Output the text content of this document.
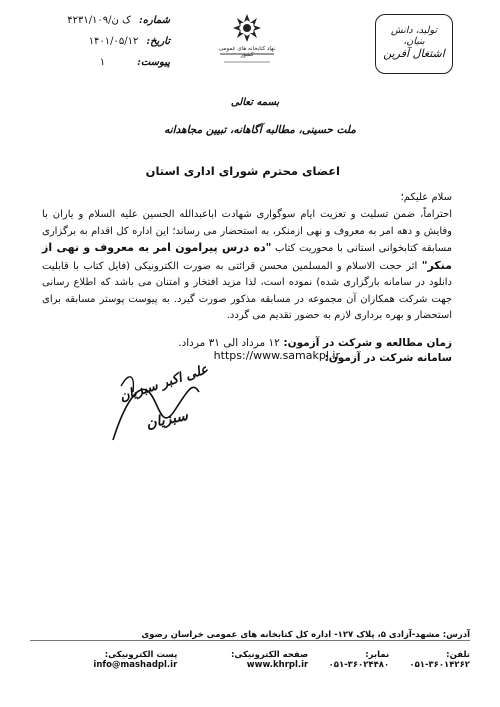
تولید، دانش بنیان،
اشتغال آفرین
نهاد کتابخانه های عمومی کشور
شماره:
۴۲۳۱/۱۰۹/ک ن
تاریخ:
۱۴۰۱/۰۵/۱۲
پیوست:
۱
بسمه تعالی
ملت حسینی، مطالبه آگاهانه، تبیین مجاهدانه
اعضای محترم شورای اداری استان
سلام علیکم؛
احتراماً، ضمن تسلیت و تعزیت ایام سوگواری شهادت اباعبدالله الحسین علیه السلام و یاران با وفایش و دهه امر به معروف و نهی ازمنکر، به استحضار می رساند؛ این اداره کل اقدام به برگزاری مسابقه کتابخوانی استانی با محوریت کتاب "ده درس پیرامون امر به معروف و نهی از منکر" اثر حجت الاسلام و المسلمین محسن قرائتی به صورت الکترونیکی (فایل کتاب با قابلیت دانلود در سامانه بارگزاری شده) نموده است، لذا مزید افتخار و امتنان می باشد که اطلاع رسانی جهت شرکت همکاران آن مجموعه در مسابقه مذکور صورت گیرد. به پیوست پوستر مسابقه برای استحضار و بهره برداری لازم به حضور تقدیم می گردد.
زمان مطالعه و شرکت در آزمون: ۱۲ مرداد الی ۳۱ مرداد.
سامانه شرکت در آزمون:
https://www.samakpl.ir
علی اکبر سبزیان
سبزیان
آدرس: مشهد-آزادی ۵، پلاک ۱۲۷- اداره کل کتابخانه های عمومی خراسان رضوی
تلفن: ۳۶۰۱۴۲۶۲-۰۵۱
نمابر: ۳۶۰۲۴۴۸۰-۰۵۱
صفحه الکترونیکی: www.khrpl.ir
پست الکترونیکی: info@mashadpl.ir
